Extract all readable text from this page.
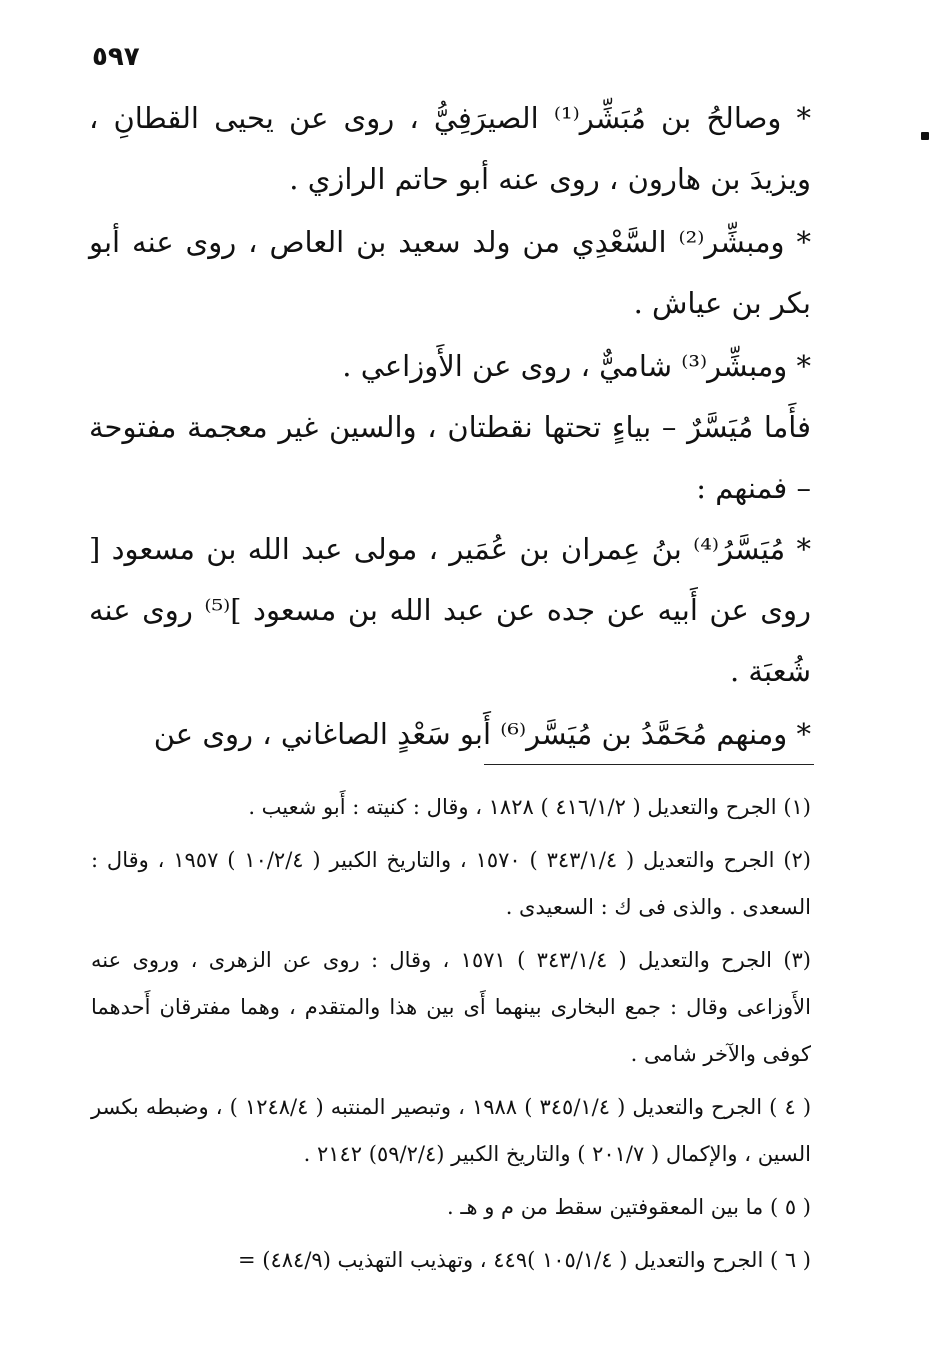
٥٩٧

* وصالحُ بن مُبَشِّر⁽¹⁾ الصيرَفِيُّ ، روى عن يحيى القطانِ ، ويزيدَ بن هارون ، روى عنه أبو حاتم الرازي .

* ومبشِّر⁽²⁾ السَّعْدِي من ولد سعيد بن العاص ، روى عنه أبو بكر بن عياش .

* ومبشِّر⁽³⁾ شاميٌّ ، روى عن الأَوزاعي .

فأَما مُيَسَّرٌ – بياءٍ تحتها نقطتان ، والسين غير معجمة مفتوحة – فمنهم :

* مُيَسَّرُ⁽⁴⁾ بنُ عِمران بن عُمَير ، مولى عبد الله بن مسعود [ روى عن أَبيه عن جده عن عبد الله بن مسعود ]⁽⁵⁾ روى عنه شُعبَة .

* ومنهم مُحَمَّدُ بن مُيَسَّر⁽⁶⁾ أَبو سَعْدٍ الصاغاني ، روى عن

(١) الجرح والتعديل ( ٤١٦/١/٢ ) ١٨٢٨ ، وقال : كنيته : أَبو شعيب .

(٢) الجرح والتعديل ( ٣٤٣/١/٤ ) ١٥٧٠ ، والتاريخ الكبير ( ١٠/٢/٤ ) ١٩٥٧ ، وقال : السعدى . والذى فى ك : السعيدى .

(٣) الجرح والتعديل ( ٣٤٣/١/٤ ) ١٥٧١ ، وقال : روى عن الزهرى ، وروى عنه الأَوزاعى وقال : جمع البخارى بينهما أَى بين هذا والمتقدم ، وهما مفترقان أَحدهما كوفى والآخر شامى .

( ٤ ) الجرح والتعديل ( ٣٤٥/١/٤ ) ١٩٨٨ ، وتبصير المنتبه ( ١٢٤٨/٤ ) ، وضبطه بكسر السين ، والإكمال ( ٢٠١/٧ ) والتاريخ الكبير (٥٩/٢/٤) ٢١٤٢ .

( ٥ ) ما بين المعقوفتين سقط من م و هـ .

( ٦ ) الجرح والتعديل ( ١٠٥/١/٤ )٤٤٩ ، وتهذيب التهذيب (٤٨٤/٩) =
